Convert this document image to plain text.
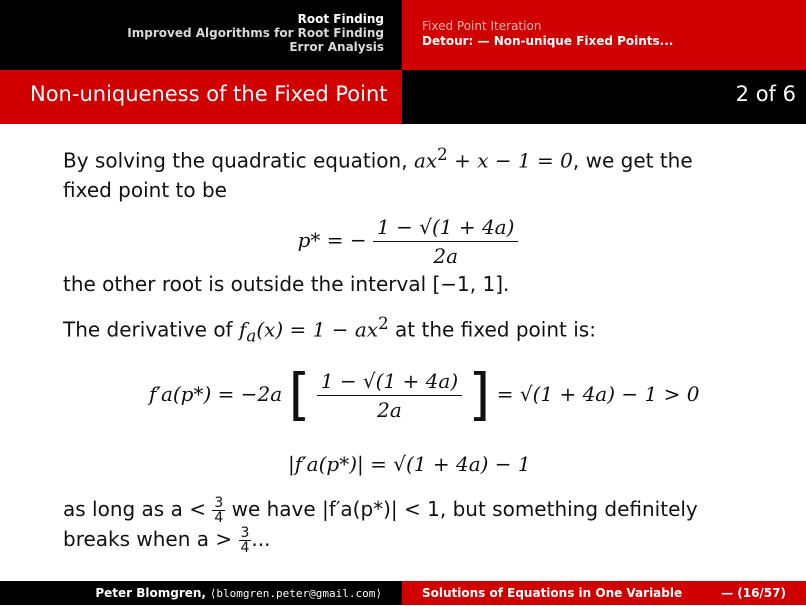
Root Finding
Improved Algorithms for Root Finding
Error Analysis
Fixed Point Iteration
Detour: — Non-unique Fixed Points...
Non-uniqueness of the Fixed Point	2 of 6

By solving the quadratic equation, $ax^2 + x - 1 = 0$, we get the
fixed point to be

p* = − $\frac{1 - √(1 + 4a)}{2a}$

the other root is outside the interval [−1, 1].

The derivative of $f_a(x) = 1 - ax^2$ at the fixed point is:

f′a(p*) = −2a [ $\frac{1 - √(1 + 4a)}{2a}$ ] = √(1 + 4a) − 1 > 0
|f′a(p*)| = √(1 + 4a) − 1
as long as $a < \frac{3}{4}$ we have |f′a(p*)| < 1, but something definitely
breaks when $a > \frac{3}{4}$ ...
Peter Blomgren, ⟨blomgren.peter@gmail.com⟩	Solutions of Equations in One Variable	— (16/57)
